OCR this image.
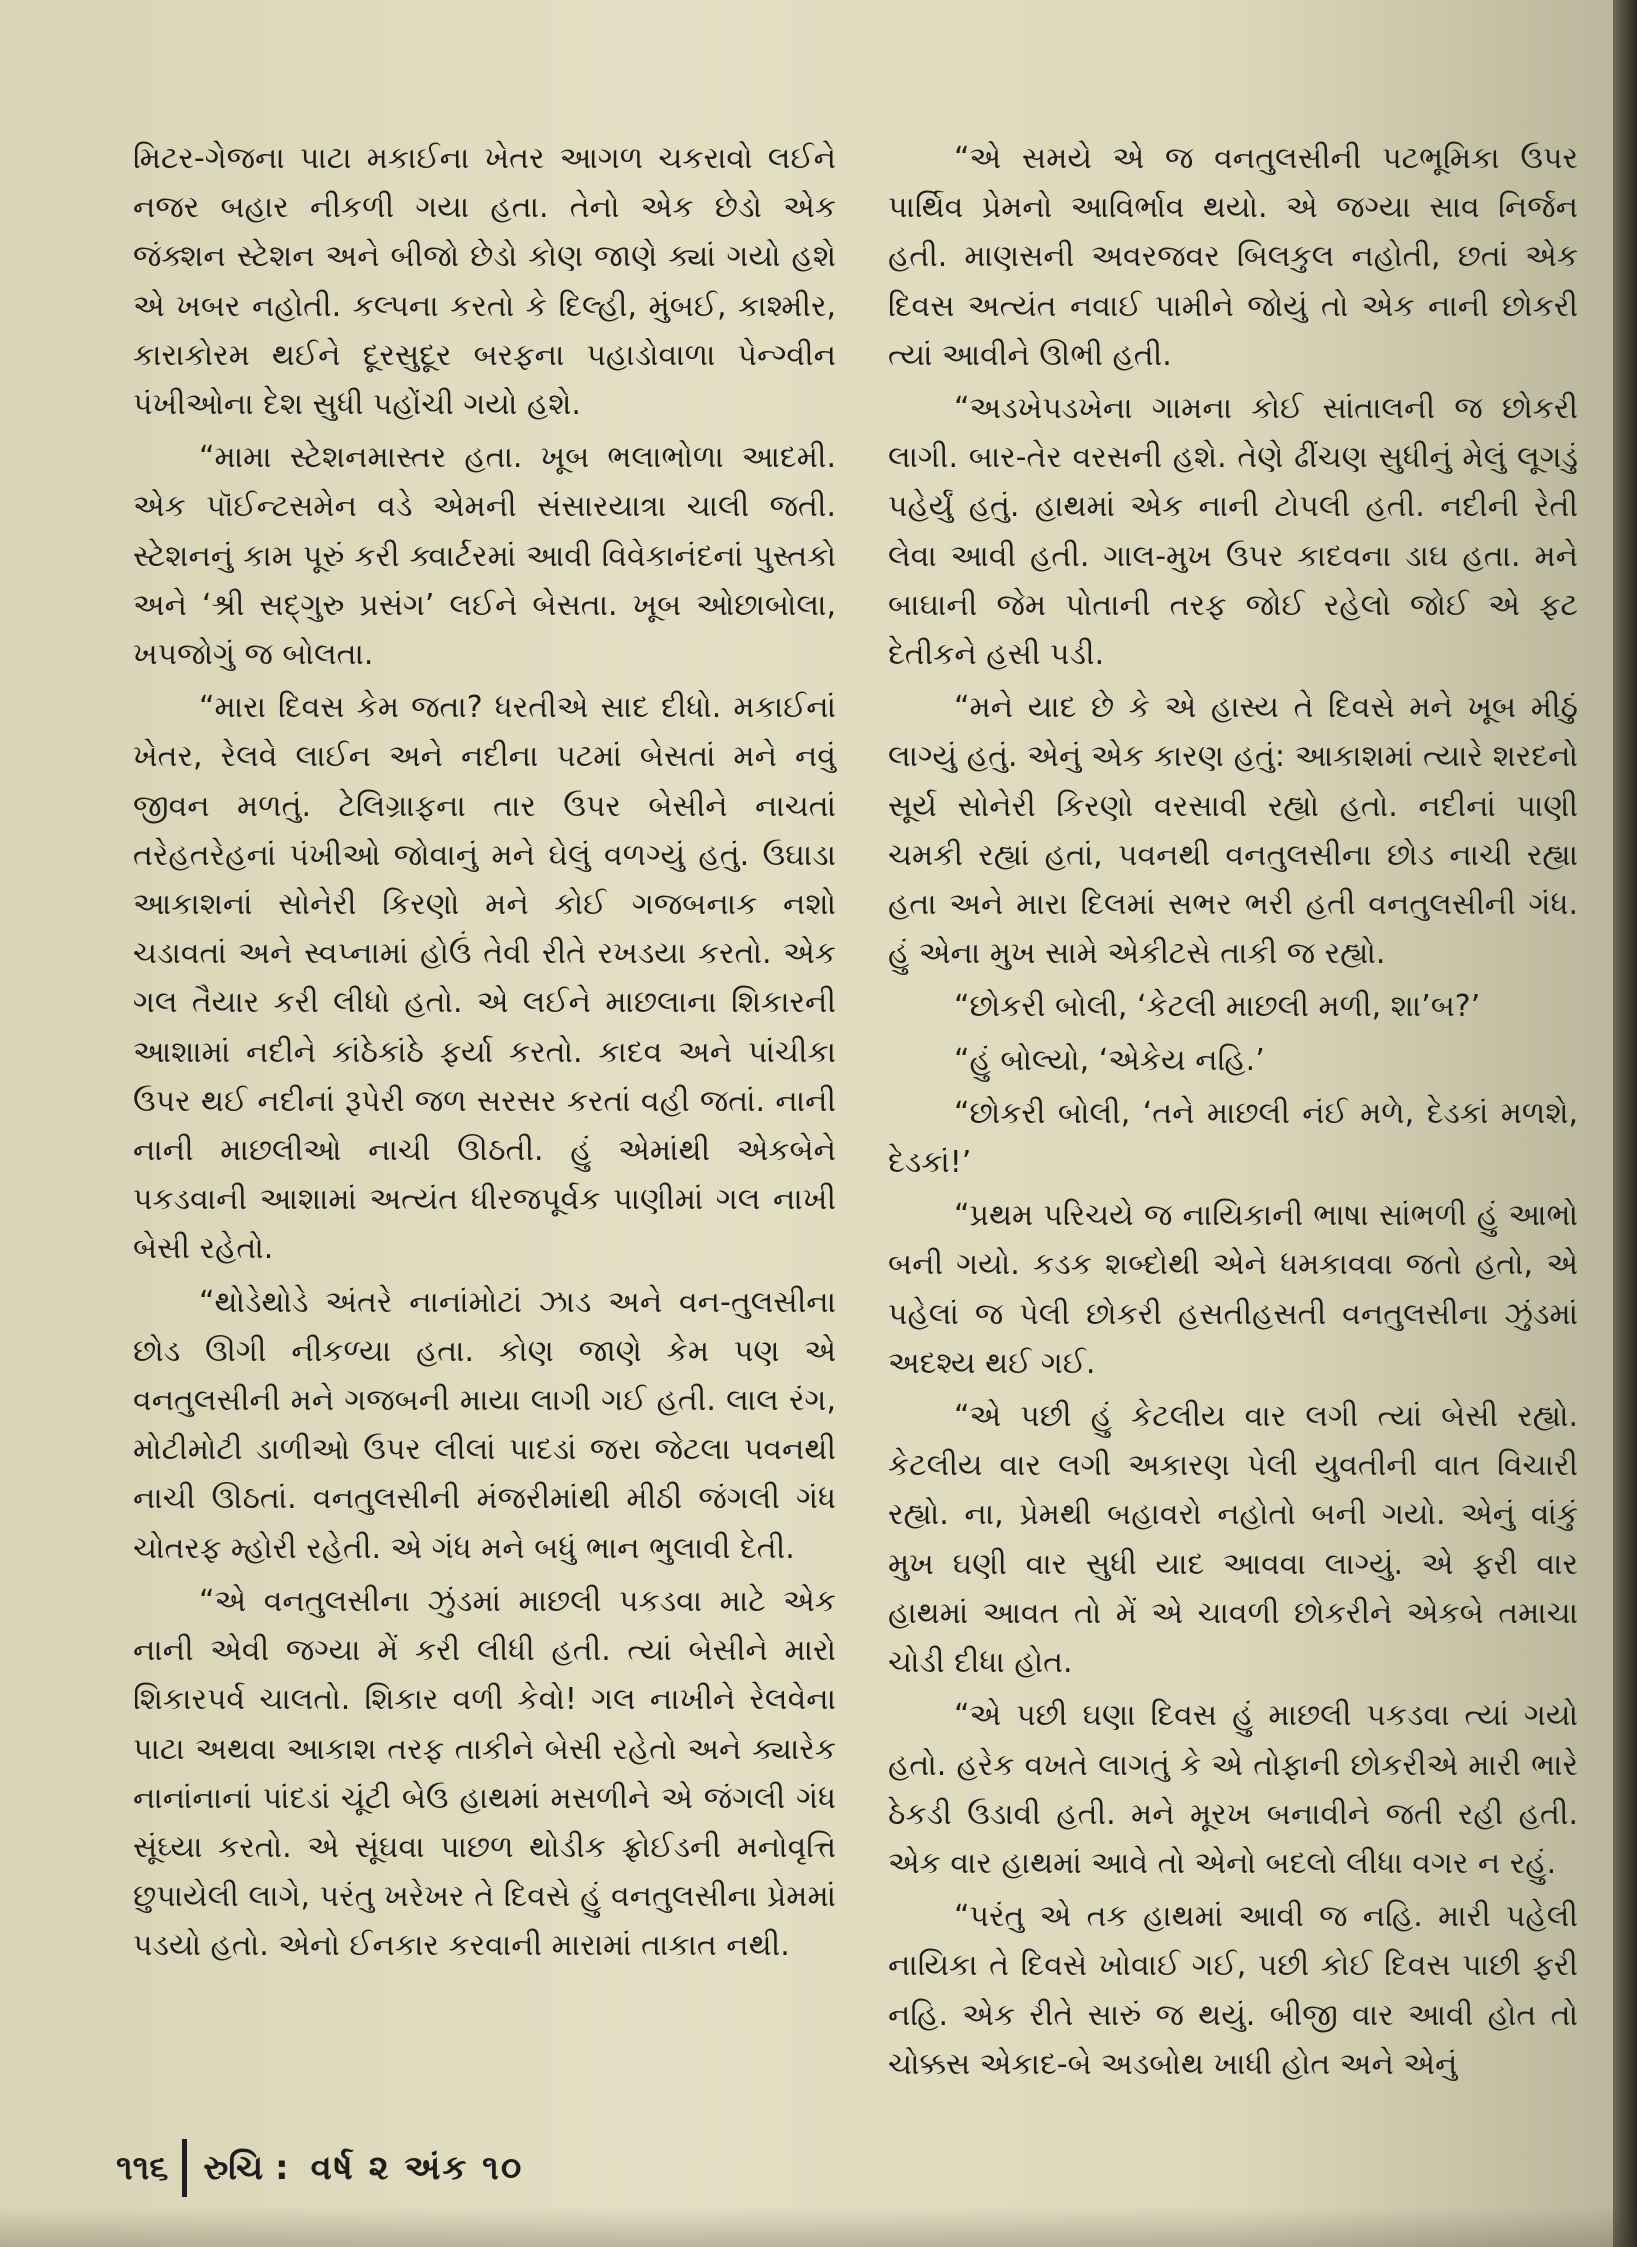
મિટર-ગેજના પાટા મકાઈના ખેતર આગળ ચકરાવો લઈને નજર બહાર નીકળી ગયા હતા. તેનો એક છેડો એક જંક્શન સ્ટેશન અને બીજો છેડો કોણ જાણે ક્યાં ગયો હશે એ ખબર નહોતી. કલ્પના કરતો કે દિલ્હી, મુંબઈ, કાશ્મીર, કારાકોરમ થઈને દૂરસુદૂર બરફના પહાડોવાળા પેન્ગ્વીન પંખીઓના દેશ સુધી પહોંચી ગયો હશે.

“મામા સ્ટેશનમાસ્તર હતા. ખૂબ ભલાભોળા આદમી. એક પૉઈન્ટસમેન વડે એમની સંસારયાત્રા ચાલી જતી. સ્ટેશનનું કામ પૂરું કરી ક્વાર્ટરમાં આવી વિવેકાનંદનાં પુસ્તકો અને ‘શ્રી સદ્‌ગુરુ પ્રસંગ’ લઈને બેસતા. ખૂબ ઓછાબોલા, ખપજોગું જ બોલતા.

“મારા દિવસ કેમ જતા? ધરતીએ સાદ દીધો. મકાઈનાં ખેતર, રેલવે લાઈન અને નદીના પટમાં બેસતાં મને નવું જીવન મળતું. ટેલિગ્રાફના તાર ઉપર બેસીને નાચતાં તરેહતરેહનાં પંખીઓ જોવાનું મને ઘેલું વળગ્યું હતું. ઉઘાડા આકાશનાં સોનેરી કિરણો મને કોઈ ગજબનાક નશો ચડાવતાં અને સ્વપ્નામાં હોઉં તેવી રીતે રખડયા કરતો. એક ગલ તૈયાર કરી લીધો હતો. એ લઈને માછલાના શિકારની આશામાં નદીને કાંઠેકાંઠે ફર્યા કરતો. કાદવ અને પાંચીકા ઉપર થઈ નદીનાં રૂપેરી જળ સરસર કરતાં વહી જતાં. નાની નાની માછલીઓ નાચી ઊઠતી. હું એમાંથી એકબેને પકડવાની આશામાં અત્યંત ધીરજપૂર્વક પાણીમાં ગલ નાખી બેસી રહેતો.

“થોડેથોડે અંતરે નાનાંમોટાં ઝાડ અને વન-તુલસીના છોડ ઊગી નીકળ્યા હતા. કોણ જાણે કેમ પણ એ વનતુલસીની મને ગજબની માયા લાગી ગઈ હતી. લાલ રંગ, મોટીમોટી ડાળીઓ ઉપર લીલાં પાદડાં જરા જેટલા પવનથી નાચી ઊઠતાં. વનતુલસીની મંજરીમાંથી મીઠી જંગલી ગંધ ચોતરફ મ્હોરી રહેતી. એ ગંધ મને બધું ભાન ભુલાવી દેતી.

“એ વનતુલસીના ઝુંડમાં માછલી પકડવા માટે એક નાની એવી જગ્યા મેં કરી લીધી હતી. ત્યાં બેસીને મારો શિકારપર્વ ચાલતો. શિકાર વળી કેવો! ગલ નાખીને રેલવેના પાટા અથવા આકાશ તરફ તાકીને બેસી રહેતો અને ક્યારેક નાનાંનાનાં પાંદડાં ચૂંટી બેઉ હાથમાં મસળીને એ જંગલી ગંધ સૂંઘ્યા કરતો. એ સૂંઘવા પાછળ થોડીક ફ્રોઈડની મનોવૃત્તિ છુપાયેલી લાગે, પરંતુ ખરેખર તે દિવસે હું વનતુલસીના પ્રેમમાં પડયો હતો. એનો ઈનકાર કરવાની મારામાં તાકાત નથી.

“એ સમયે એ જ વનતુલસીની પટભૂમિકા ઉપર પાર્થિવ પ્રેમનો આવિર્ભાવ થયો. એ જગ્યા સાવ નિર્જન હતી. માણસની અવરજવર બિલકુલ નહોતી, છતાં એક દિવસ અત્યંત નવાઈ પામીને જોયું તો એક નાની છોકરી ત્યાં આવીને ઊભી હતી.

“અડખેપડખેના ગામના કોઈ સાંતાલની જ છોકરી લાગી. બાર-તેર વરસની હશે. તેણે ઢીંચણ સુધીનું મેલું લૂગડું પહેર્યું હતું. હાથમાં એક નાની ટોપલી હતી. નદીની રેતી લેવા આવી હતી. ગાલ-મુખ ઉપર કાદવના ડાઘ હતા. મને બાઘાની જેમ પોતાની તરફ જોઈ રહેલો જોઈ એ ફટ દેતીકને હસી પડી.

“મને યાદ છે કે એ હાસ્ય તે દિવસે મને ખૂબ મીઠું લાગ્યું હતું. એનું એક કારણ હતું: આકાશમાં ત્યારે શરદનો સૂર્ય સોનેરી કિરણો વરસાવી રહ્યો હતો. નદીનાં પાણી ચમકી રહ્યાં હતાં, પવનથી વનતુલસીના છોડ નાચી રહ્યા હતા અને મારા દિલમાં સભર ભરી હતી વનતુલસીની ગંધ. હું એના મુખ સામે એકીટસે તાકી જ રહ્યો.

“છોકરી બોલી, ‘કેટલી માછલી મળી, શા’બ?’

“હું બોલ્યો, ‘એકેય નહિ.’

“છોકરી બોલી, ‘તને માછલી નંઈ મળે, દેડકાં મળશે, દેડકાં!’

“પ્રથમ પરિચયે જ નાયિકાની ભાષા સાંભળી હું આભો બની ગયો. કડક શબ્દોથી એને ધમકાવવા જતો હતો, એ પહેલાં જ પેલી છોકરી હસતીહસતી વનતુલસીના ઝુંડમાં અદશ્ય થઈ ગઈ.

“એ પછી હું કેટલીય વાર લગી ત્યાં બેસી રહ્યો. કેટલીય વાર લગી અકારણ પેલી યુવતીની વાત વિચારી રહ્યો. ના, પ્રેમથી બહાવરો નહોતો બની ગયો. એનું વાંકું મુખ ઘણી વાર સુધી યાદ આવવા લાગ્યું. એ ફરી વાર હાથમાં આવત તો મેં એ ચાવળી છોકરીને એકબે તમાચા ચોડી દીધા હોત.

“એ પછી ઘણા દિવસ હું માછલી પકડવા ત્યાં ગયો હતો. હરેક વખતે લાગતું કે એ તોફાની છોકરીએ મારી ભારે ઠેકડી ઉડાવી હતી. મને મૂરખ બનાવીને જતી રહી હતી. એક વાર હાથમાં આવે તો એનો બદલો લીધા વગર ન રહું.

“પરંતુ એ તક હાથમાં આવી જ નહિ. મારી પહેલી નાયિકા તે દિવસે ખોવાઈ ગઈ, પછી કોઈ દિવસ પાછી ફરી નહિ. એક રીતે સારું જ થયું. બીજી વાર આવી હોત તો ચોક્કસ એકાદ-બે અડબોથ ખાધી હોત અને એનું

૧૧૬ રુચિ : વર્ષ ૨ અંક ૧૦
